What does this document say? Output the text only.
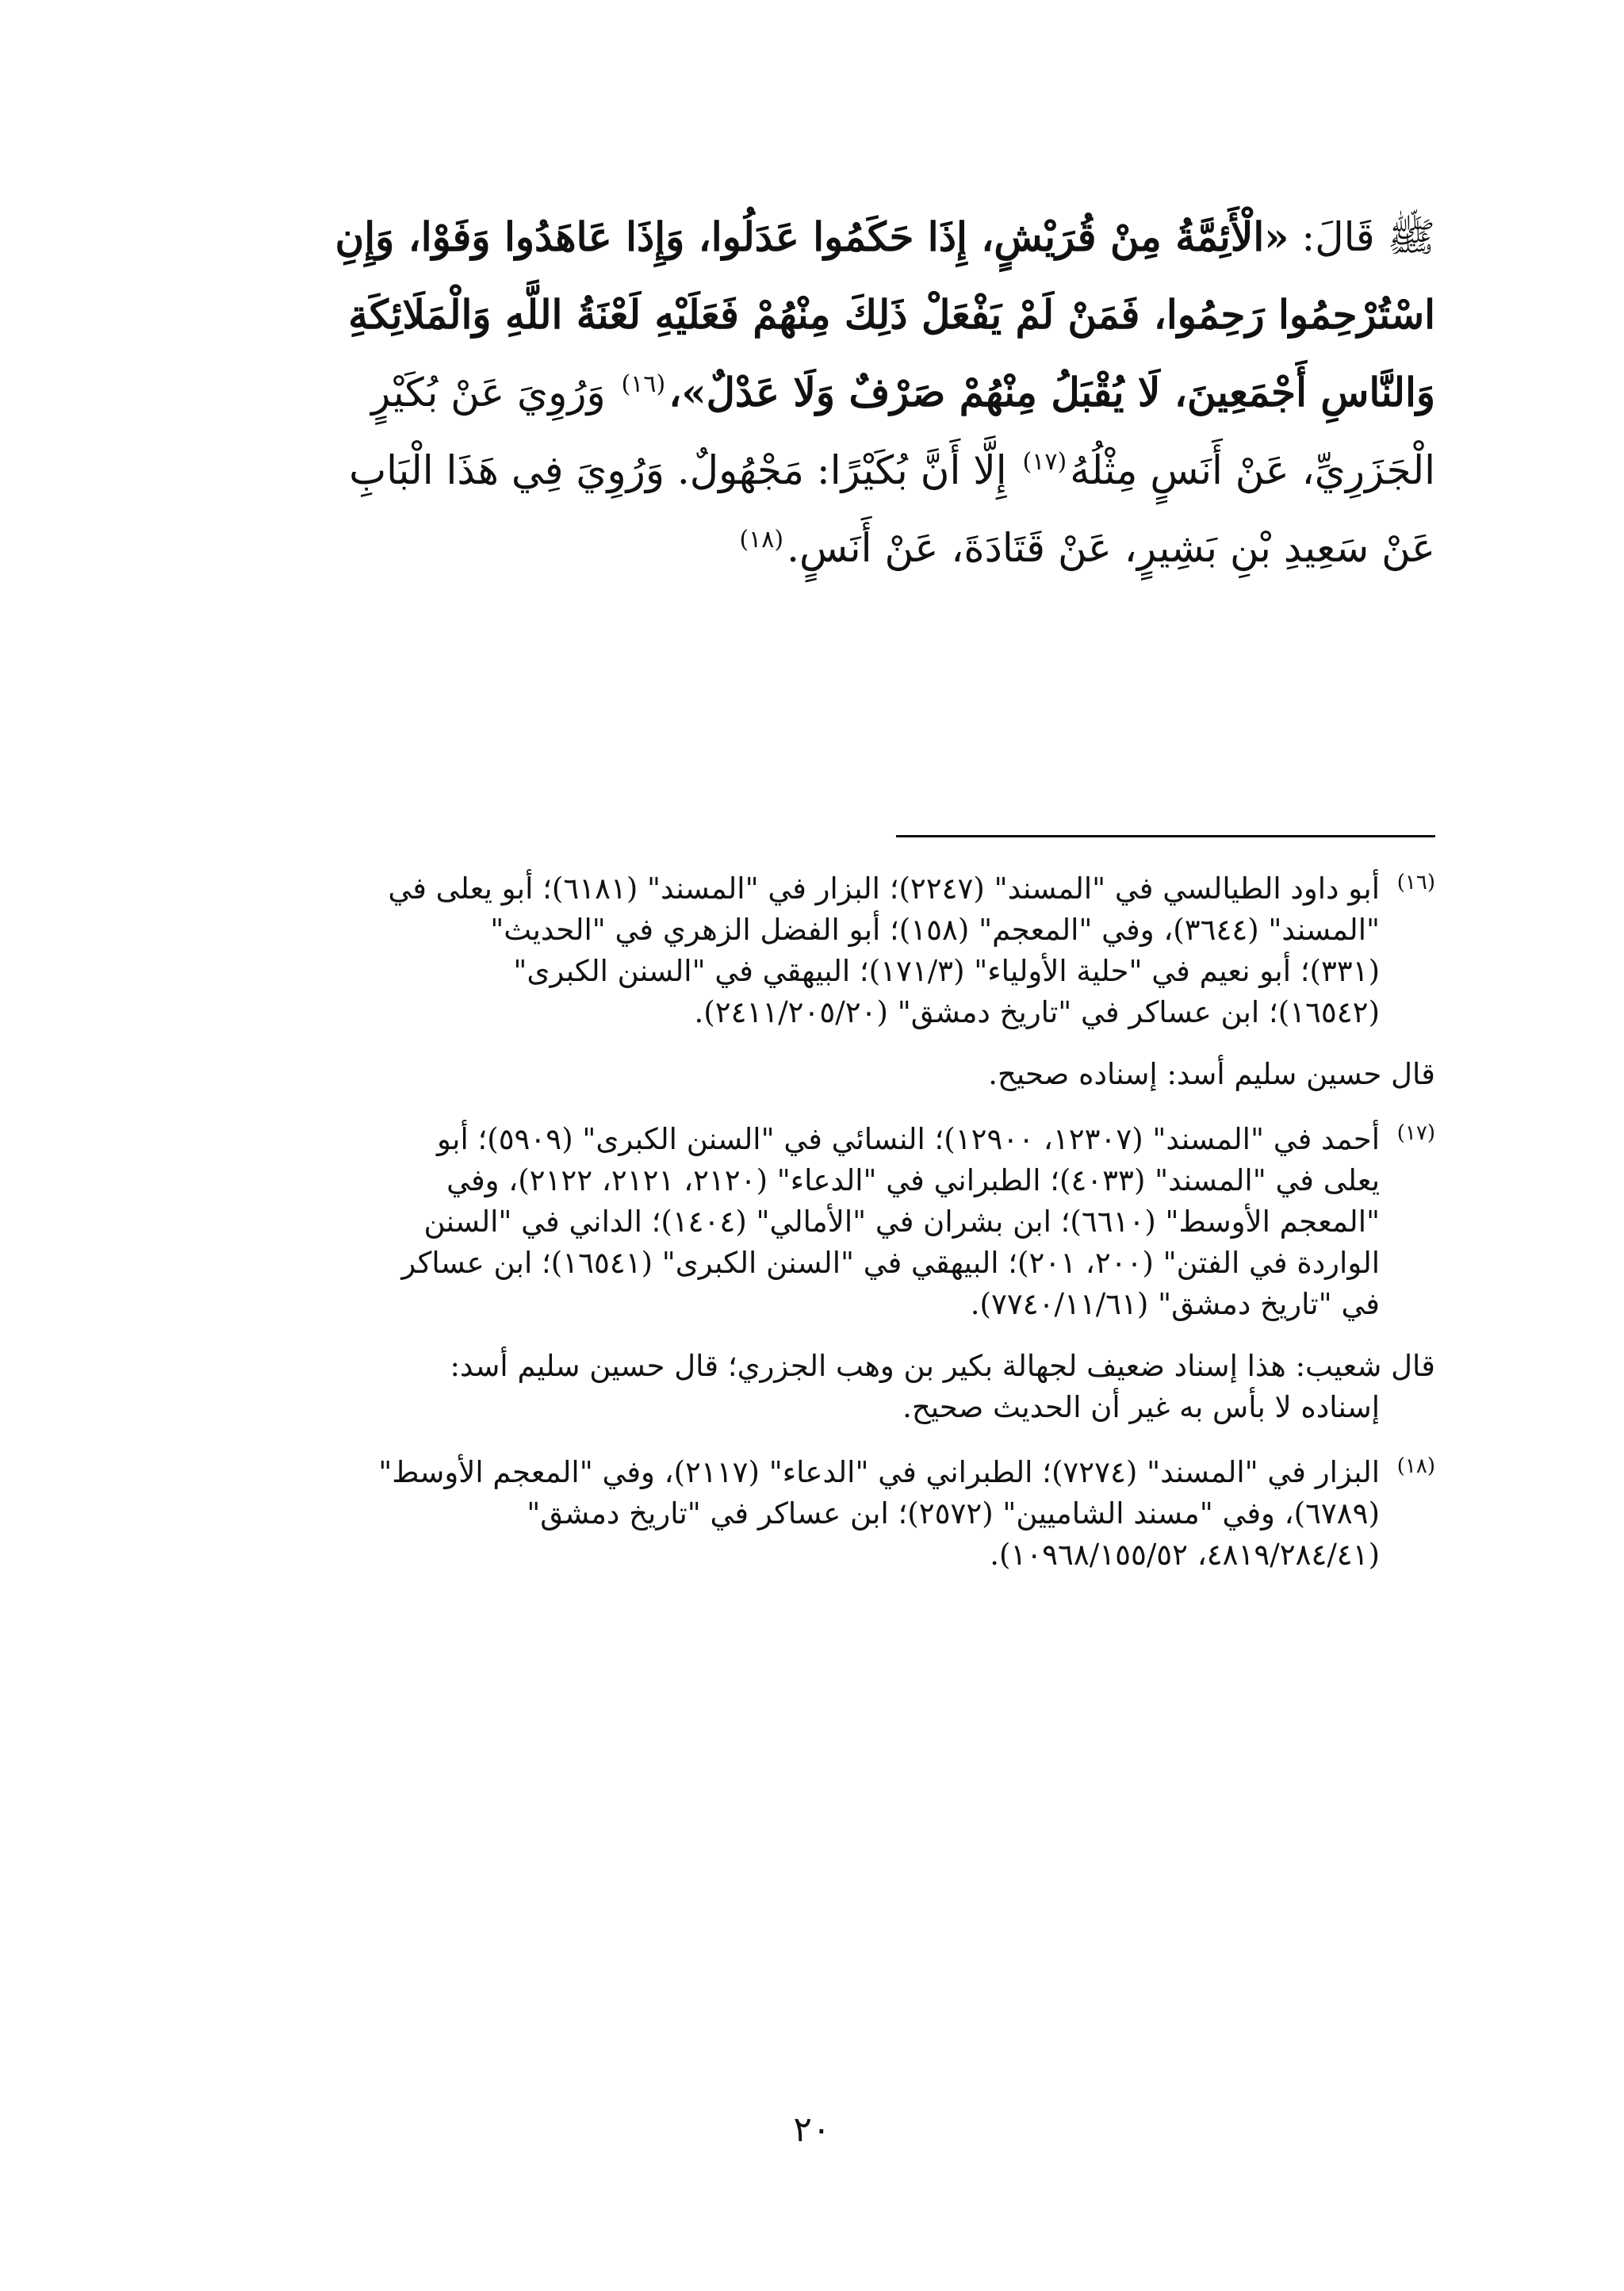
ﷺ قَالَ: «الْأَئِمَّةُ مِنْ قُرَيْشٍ، إِذَا حَكَمُوا عَدَلُوا، وَإِذَا عَاهَدُوا وَفَوْا، وَإِنِ
اسْتُرْحِمُوا رَحِمُوا، فَمَنْ لَمْ يَفْعَلْ ذَلِكَ مِنْهُمْ فَعَلَيْهِ لَعْنَةُ اللَّهِ وَالْمَلَائِكَةِ
وَالنَّاسِ أَجْمَعِينَ، لَا يُقْبَلُ مِنْهُمْ صَرْفٌ وَلَا عَدْلٌ»،$^{(١٦)}$ وَرُوِيَ عَنْ بُكَيْرٍ
الْجَزَرِيِّ، عَنْ أَنَسٍ مِثْلُهُ$^{(١٧)}$ إِلَّا أَنَّ بُكَيْرًا: مَجْهُولٌ. وَرُوِيَ فِي هَذَا الْبَابِ
عَنْ سَعِيدِ بْنِ بَشِيرٍ، عَنْ قَتَادَةَ، عَنْ أَنَسٍ.$^{(١٨)}$
(١٦)
أبو داود الطيالسي في "المسند" (٢٢٤٧)؛ البزار في "المسند" (٦١٨١)؛ أبو يعلى في
"المسند" (٣٦٤٤)، وفي "المعجم" (١٥٨)؛ أبو الفضل الزهري في "الحديث"
(٣٣١)؛ أبو نعيم في "حلية الأولياء" (١٧١/٣)؛ البيهقي في "السنن الكبرى"
(١٦٥٤٢)؛ ابن عساكر في "تاريخ دمشق" (٢٤١١/٢٠٥/٢٠).
قال حسين سليم أسد: إسناده صحيح.
(١٧)
أحمد في "المسند" (١٢٣٠٧، ١٢٩٠٠)؛ النسائي في "السنن الكبرى" (٥٩٠٩)؛ أبو
يعلى في "المسند" (٤٠٣٣)؛ الطبراني في "الدعاء" (٢١٢٠، ٢١٢١، ٢١٢٢)، وفي
"المعجم الأوسط" (٦٦١٠)؛ ابن بشران في "الأمالي" (١٤٠٤)؛ الداني في "السنن
الواردة في الفتن" (٢٠٠، ٢٠١)؛ البيهقي في "السنن الكبرى" (١٦٥٤١)؛ ابن عساكر
في "تاريخ دمشق" (٧٧٤٠/١١/٦١).
قال شعيب: هذا إسناد ضعيف لجهالة بكير بن وهب الجزري؛ قال حسين سليم أسد:
إسناده لا بأس به غير أن الحديث صحيح.
(١٨)
البزار في "المسند" (٧٢٧٤)؛ الطبراني في "الدعاء" (٢١١٧)، وفي "المعجم الأوسط"
(٦٧٨٩)، وفي "مسند الشاميين" (٢٥٧٢)؛ ابن عساكر في "تاريخ دمشق"
(٤٨١٩/٢٨٤/٤١، ١٠٩٦٨/١٥٥/٥٢).
٢٠
